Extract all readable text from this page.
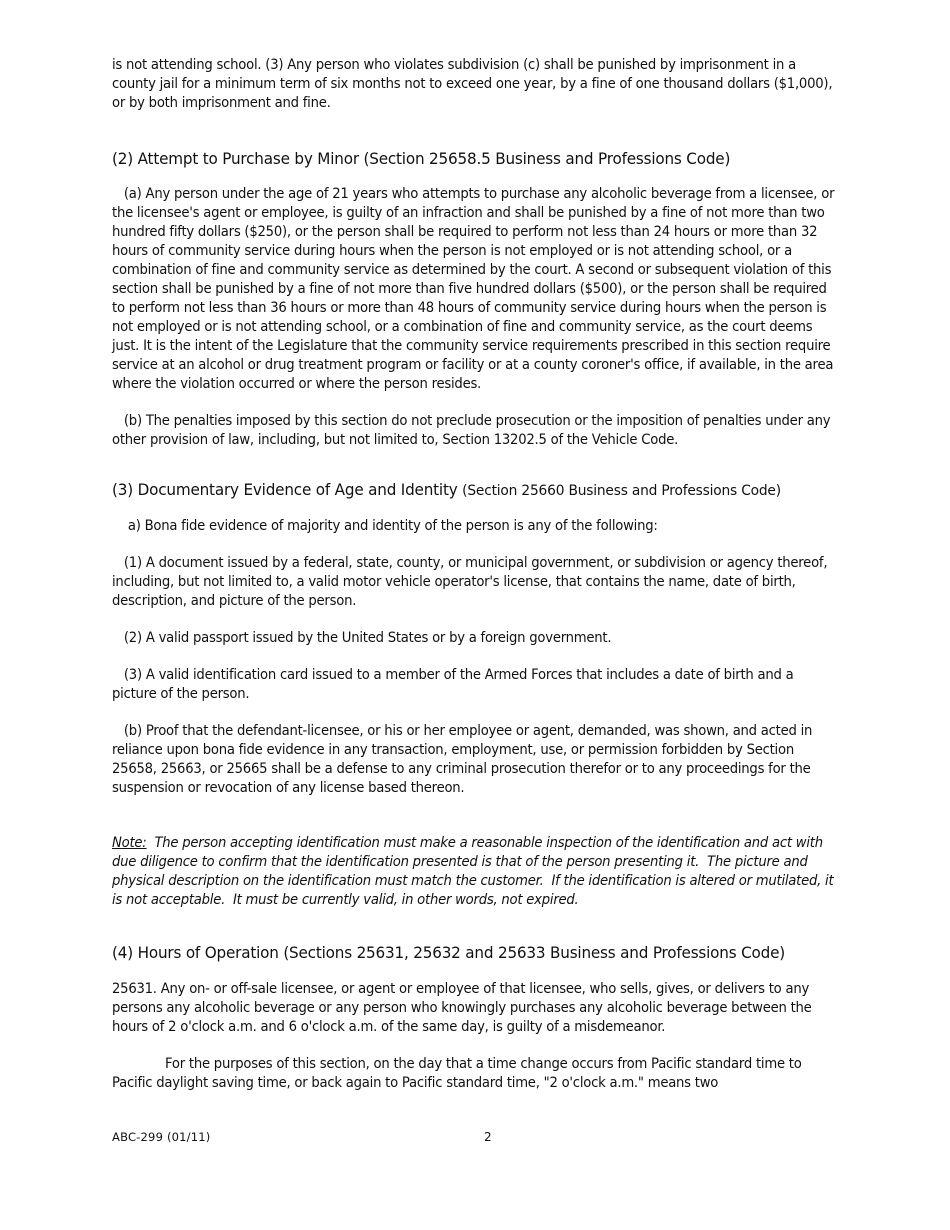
is not attending school. (3) Any person who violates subdivision (c) shall be punished by imprisonment in a county jail for a minimum term of six months not to exceed one year, by a fine of one thousand dollars ($1,000), or by both imprisonment and fine.

(2) Attempt to Purchase by Minor (Section 25658.5 Business and Professions Code)

(a) Any person under the age of 21 years who attempts to purchase any alcoholic beverage from a licensee, or the licensee's agent or employee, is guilty of an infraction and shall be punished by a fine of not more than two hundred fifty dollars ($250), or the person shall be required to perform not less than 24 hours or more than 32 hours of community service during hours when the person is not employed or is not attending school, or a combination of fine and community service as determined by the court. A second or subsequent violation of this section shall be punished by a fine of not more than five hundred dollars ($500), or the person shall be required to perform not less than 36 hours or more than 48 hours of community service during hours when the person is not employed or is not attending school, or a combination of fine and community service, as the court deems just. It is the intent of the Legislature that the community service requirements prescribed in this section require service at an alcohol or drug treatment program or facility or at a county coroner's office, if available, in the area where the violation occurred or where the person resides.

(b) The penalties imposed by this section do not preclude prosecution or the imposition of penalties under any other provision of law, including, but not limited to, Section 13202.5 of the Vehicle Code.

(3) Documentary Evidence of Age and Identity (Section 25660 Business and Professions Code)

a) Bona fide evidence of majority and identity of the person is any of the following:

(1) A document issued by a federal, state, county, or municipal government, or subdivision or agency thereof, including, but not limited to, a valid motor vehicle operator's license, that contains the name, date of birth, description, and picture of the person.

(2) A valid passport issued by the United States or by a foreign government.

(3) A valid identification card issued to a member of the Armed Forces that includes a date of birth and a picture of the person.

(b) Proof that the defendant-licensee, or his or her employee or agent, demanded, was shown, and acted in reliance upon bona fide evidence in any transaction, employment, use, or permission forbidden by Section 25658, 25663, or 25665 shall be a defense to any criminal prosecution therefor or to any proceedings for the suspension or revocation of any license based thereon.

Note:  The person accepting identification must make a reasonable inspection of the identification and act with due diligence to confirm that the identification presented is that of the person presenting it.  The picture and physical description on the identification must match the customer.  If the identification is altered or mutilated, it is not acceptable.  It must be currently valid, in other words, not expired.

(4) Hours of Operation (Sections 25631, 25632 and 25633 Business and Professions Code)

25631. Any on- or off-sale licensee, or agent or employee of that licensee, who sells, gives, or delivers to any persons any alcoholic beverage or any person who knowingly purchases any alcoholic beverage between the hours of 2 o'clock a.m. and 6 o'clock a.m. of the same day, is guilty of a misdemeanor.

For the purposes of this section, on the day that a time change occurs from Pacific standard time to Pacific daylight saving time, or back again to Pacific standard time, "2 o'clock a.m." means two

ABC-299 (01/11)	2
